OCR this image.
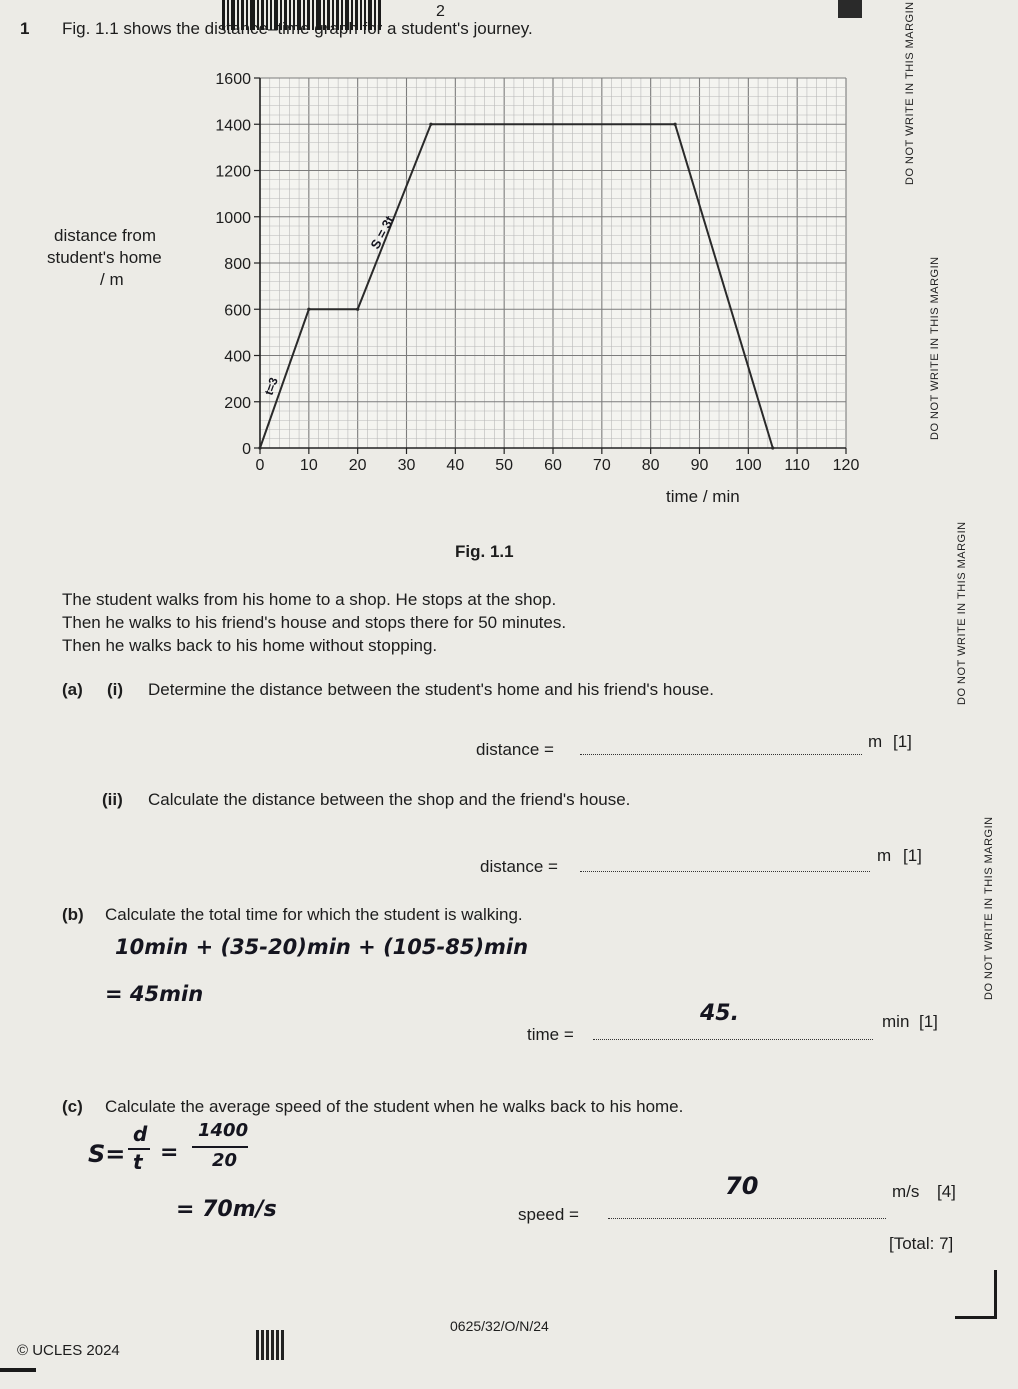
2
1 Fig. 1.1 shows the distance–time graph for a student's journey.	DO NOT WRITE IN THIS MARGIN
DO NOT WRITE IN THIS MARGIN
DO NOT WRITE IN THIS MARGIN
DO NOT WRITE IN THIS MARGIN
distance from
student's home
/ m
0 10 20 30 40 50 60 70 80 90 100 110 120
0
200
400
600
800
1000
1200
1400
1600
S = 3t
t=3
time / min
Fig. 1.1
The student walks from his home to a shop. He stops at the shop.
Then he walks to his friend's house and stops there for 50 minutes.
Then he walks back to his home without stopping.
(a) (i) Determine the distance between the student's home and his friend's house.
distance =	m [1]
(ii) Calculate the distance between the shop and the friend's house.
distance =
m [1]
(b) Calculate the total time for which the student is walking.
10min + (35-20)min + (105-85)min
= 45min
time =
45.	min [1]
(c) Calculate the average speed of the student when he walks back to his home.
S=
d
t =
1400
20
= 70m/s	speed =
70	m/s [4]
[Total: 7]
0625/32/O/N/24
© UCLES 2024
